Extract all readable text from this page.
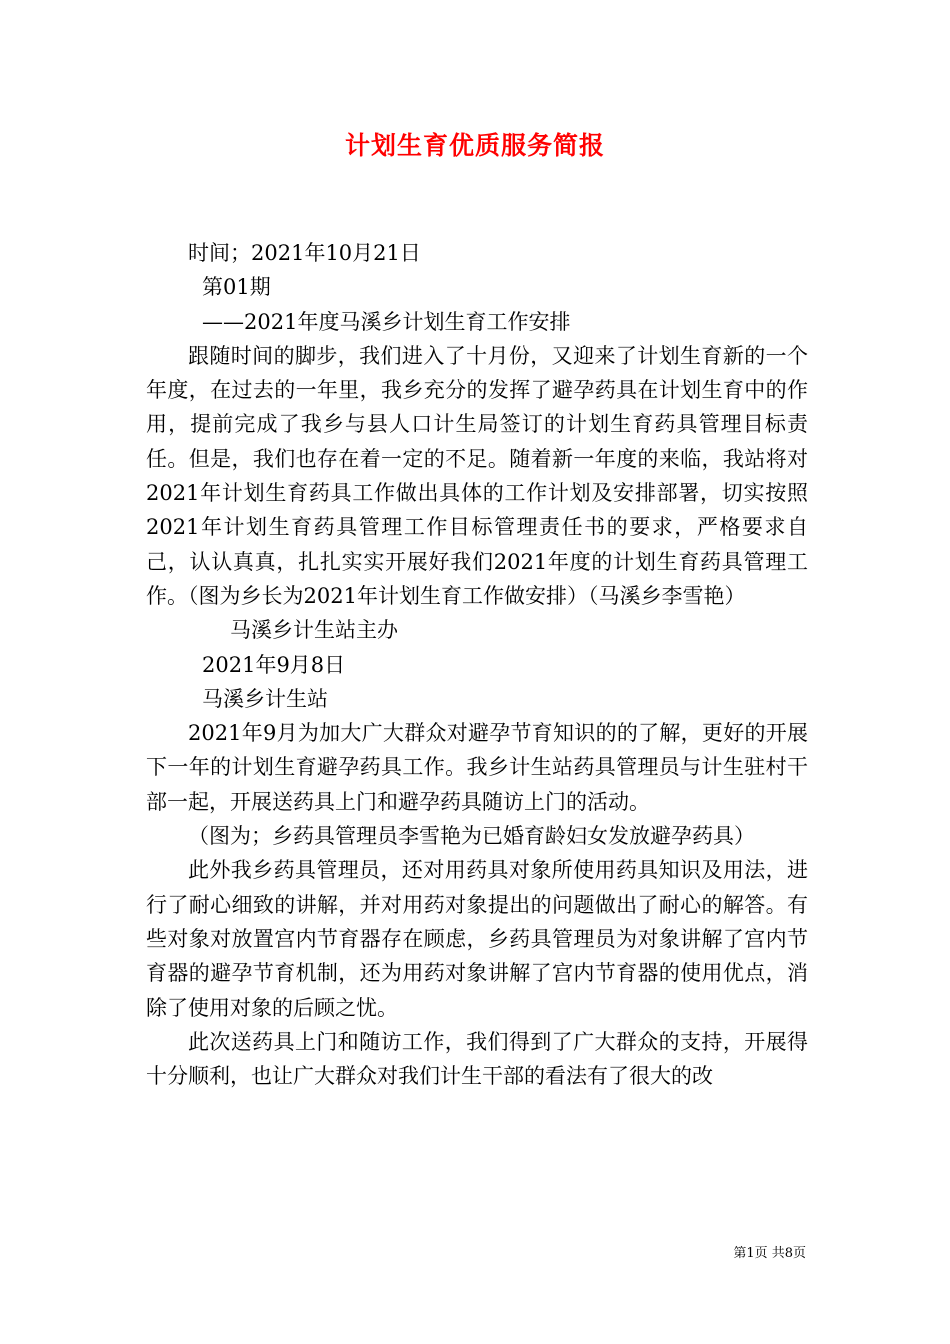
计划生育优质服务简报

时间；2021年10月21日

第01期

——2021年度马溪乡计划生育工作安排

跟随时间的脚步，我们进入了十月份，又迎来了计划生育新的一个年度，在过去的一年里，我乡充分的发挥了避孕药具在计划生育中的作用，提前完成了我乡与县人口计生局签订的计划生育药具管理目标责任。但是，我们也存在着一定的不足。随着新一年度的来临，我站将对2021年计划生育药具工作做出具体的工作计划及安排部署，切实按照2021年计划生育药具管理工作目标管理责任书的要求，严格要求自己，认认真真，扎扎实实开展好我们2021年度的计划生育药具管理工作。（图为乡长为2021年计划生育工作做安排）（马溪乡李雪艳）

马溪乡计生站主办

2021年9月8日

马溪乡计生站

2021年9月为加大广大群众对避孕节育知识的的了解，更好的开展下一年的计划生育避孕药具工作。我乡计生站药具管理员与计生驻村干部一起，开展送药具上门和避孕药具随访上门的活动。

（图为；乡药具管理员李雪艳为已婚育龄妇女发放避孕药具）

此外我乡药具管理员，还对用药具对象所使用药具知识及用法，进行了耐心细致的讲解，并对用药对象提出的问题做出了耐心的解答。有些对象对放置宫内节育器存在顾虑，乡药具管理员为对象讲解了宫内节育器的避孕节育机制，还为用药对象讲解了宫内节育器的使用优点，消除了使用对象的后顾之忧。

此次送药具上门和随访工作，我们得到了广大群众的支持，开展得十分顺利，也让广大群众对我们计生干部的看法有了很大的改

第1页 共8页
